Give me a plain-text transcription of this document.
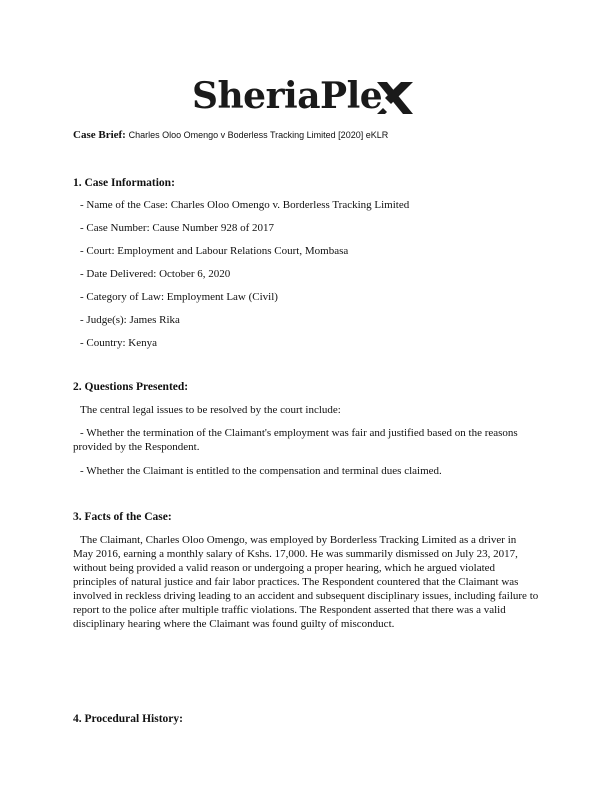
SheriaPle
Case Brief: Charles Oloo Omengo v Boderless Tracking Limited [2020] eKLR
1. Case Information:
- Name of the Case: Charles Oloo Omengo v. Borderless Tracking Limited
- Case Number: Cause Number 928 of 2017
- Court: Employment and Labour Relations Court, Mombasa
- Date Delivered: October 6, 2020
- Category of Law: Employment Law (Civil)
- Judge(s): James Rika
- Country: Kenya
2. Questions Presented:
The central legal issues to be resolved by the court include:
- Whether the termination of the Claimant's employment was fair and justified based on the reasons provided by the Respondent.
- Whether the Claimant is entitled to the compensation and terminal dues claimed.
3. Facts of the Case:
The Claimant, Charles Oloo Omengo, was employed by Borderless Tracking Limited as a driver in May 2016, earning a monthly salary of Kshs. 17,000. He was summarily dismissed on July 23, 2017, without being provided a valid reason or undergoing a proper hearing, which he argued violated principles of natural justice and fair labor practices. The Respondent countered that the Claimant was involved in reckless driving leading to an accident and subsequent disciplinary issues, including failure to report to the police after multiple traffic violations. The Respondent asserted that there was a valid disciplinary hearing where the Claimant was found guilty of misconduct.
4. Procedural History:
